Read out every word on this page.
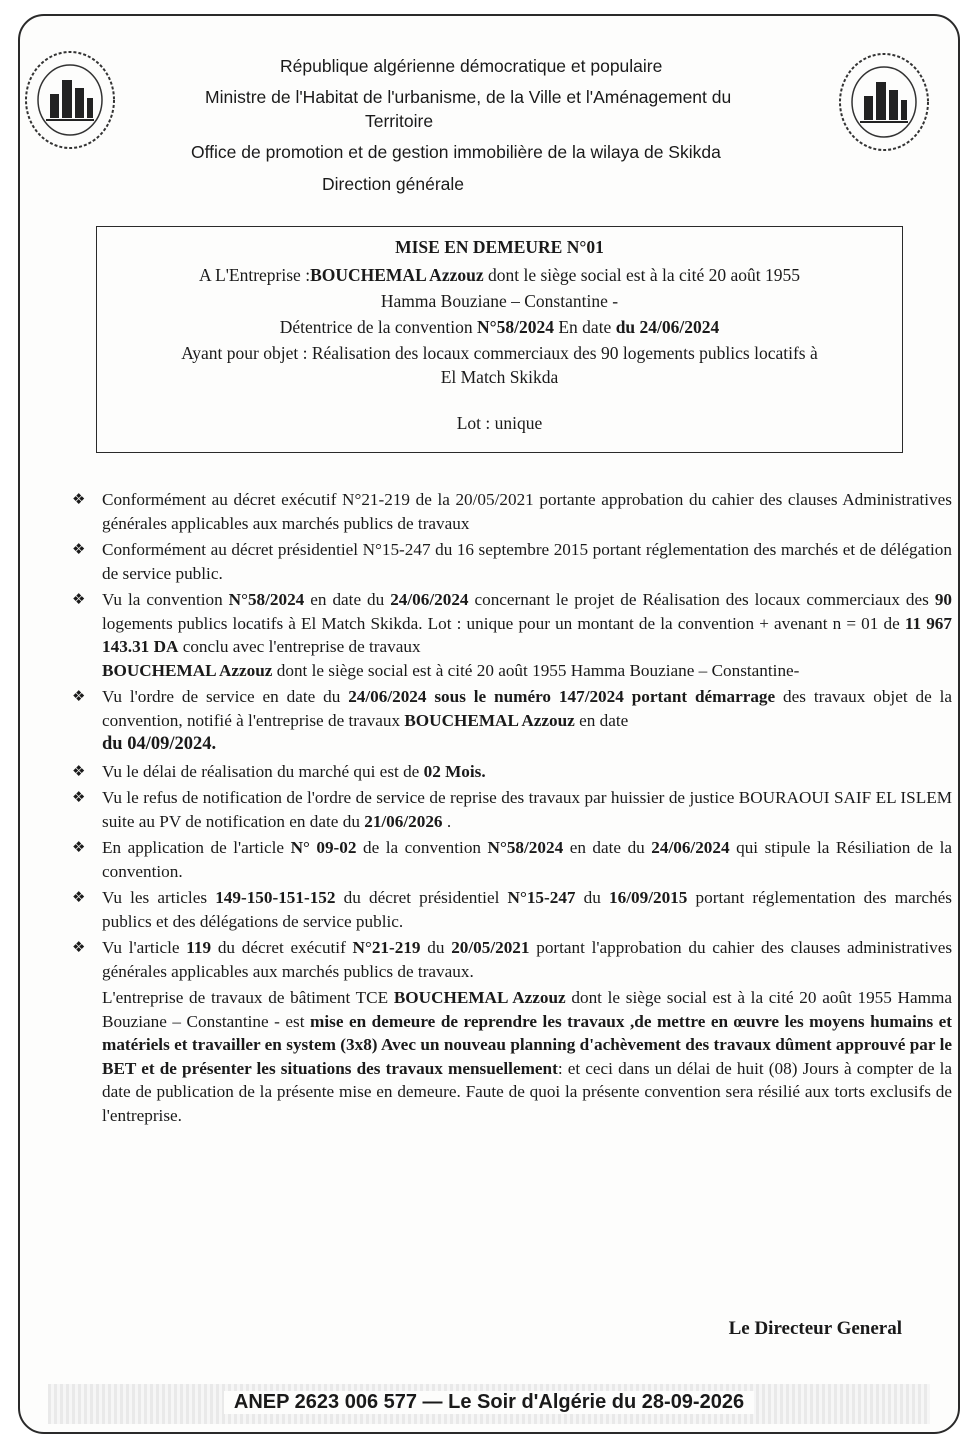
République algérienne démocratique et populaire
Ministre de l'Habitat de l'urbanisme, de la Ville et l'Aménagement du
Territoire
Office de promotion et de gestion immobilière de la wilaya de Skikda
Direction générale
MISE EN DEMEURE N°01
A L'Entreprise :BOUCHEMAL Azzouz dont le siège social est à la cité 20 août 1955
Hamma Bouziane – Constantine -
Détentrice de la convention N°58/2024 En date du 24/06/2024
Ayant pour objet : Réalisation des locaux commerciaux des 90 logements publics locatifs à
El Match Skikda
Lot : unique
❖ Conformément au décret exécutif N°21-219 de la 20/05/2021 portante approbation du cahier des clauses Administratives générales applicables aux marchés publics de travaux
❖ Conformément au décret présidentiel N°15-247 du 16 septembre 2015 portant réglementation des marchés et de délégation de service public.
❖ Vu la convention N°58/2024 en date du 24/06/2024 concernant le projet de Réalisation des locaux commerciaux des 90 logements publics locatifs à El Match Skikda. Lot : unique pour un montant de la convention + avenant n = 01 de 11 967 143.31 DA conclu avec l'entreprise de travaux
BOUCHEMAL Azzouz dont le siège social est à cité 20 août 1955 Hamma Bouziane – Constantine-
❖ Vu l'ordre de service en date du 24/06/2024 sous le numéro 147/2024 portant démarrage des travaux objet de la convention, notifié à l'entreprise de travaux BOUCHEMAL Azzouz en date
du 04/09/2024.
❖ Vu le délai de réalisation du marché qui est de 02 Mois.
❖ Vu le refus de notification de l'ordre de service de reprise des travaux par huissier de justice BOURAOUI SAIF EL ISLEM suite au PV de notification en date du 21/06/2026 .
❖ En application de l'article N° 09-02 de la convention N°58/2024 en date du 24/06/2024 qui stipule la Résiliation de la convention.
❖ Vu les articles 149-150-151-152 du décret présidentiel N°15-247 du 16/09/2015 portant réglementation des marchés publics et des délégations de service public.
❖ Vu l'article 119 du décret exécutif N°21-219 du 20/05/2021 portant l'approbation du cahier des clauses administratives générales applicables aux marchés publics de travaux.
L'entreprise de travaux de bâtiment TCE BOUCHEMAL Azzouz dont le siège social est à la cité 20 août 1955 Hamma Bouziane – Constantine - est mise en demeure de reprendre les travaux ,de mettre en œuvre les moyens humains et matériels et travailler en system (3x8) Avec un nouveau planning d'achèvement des travaux dûment approuvé par le BET et de présenter les situations des travaux mensuellement: et ceci dans un délai de huit (08) Jours à compter de la date de publication de la présente mise en demeure. Faute de quoi la présente convention sera résilié aux torts exclusifs de l'entreprise.
Le Directeur General
ANEP 2623 006 577 — Le Soir d'Algérie du 28-09-2026
